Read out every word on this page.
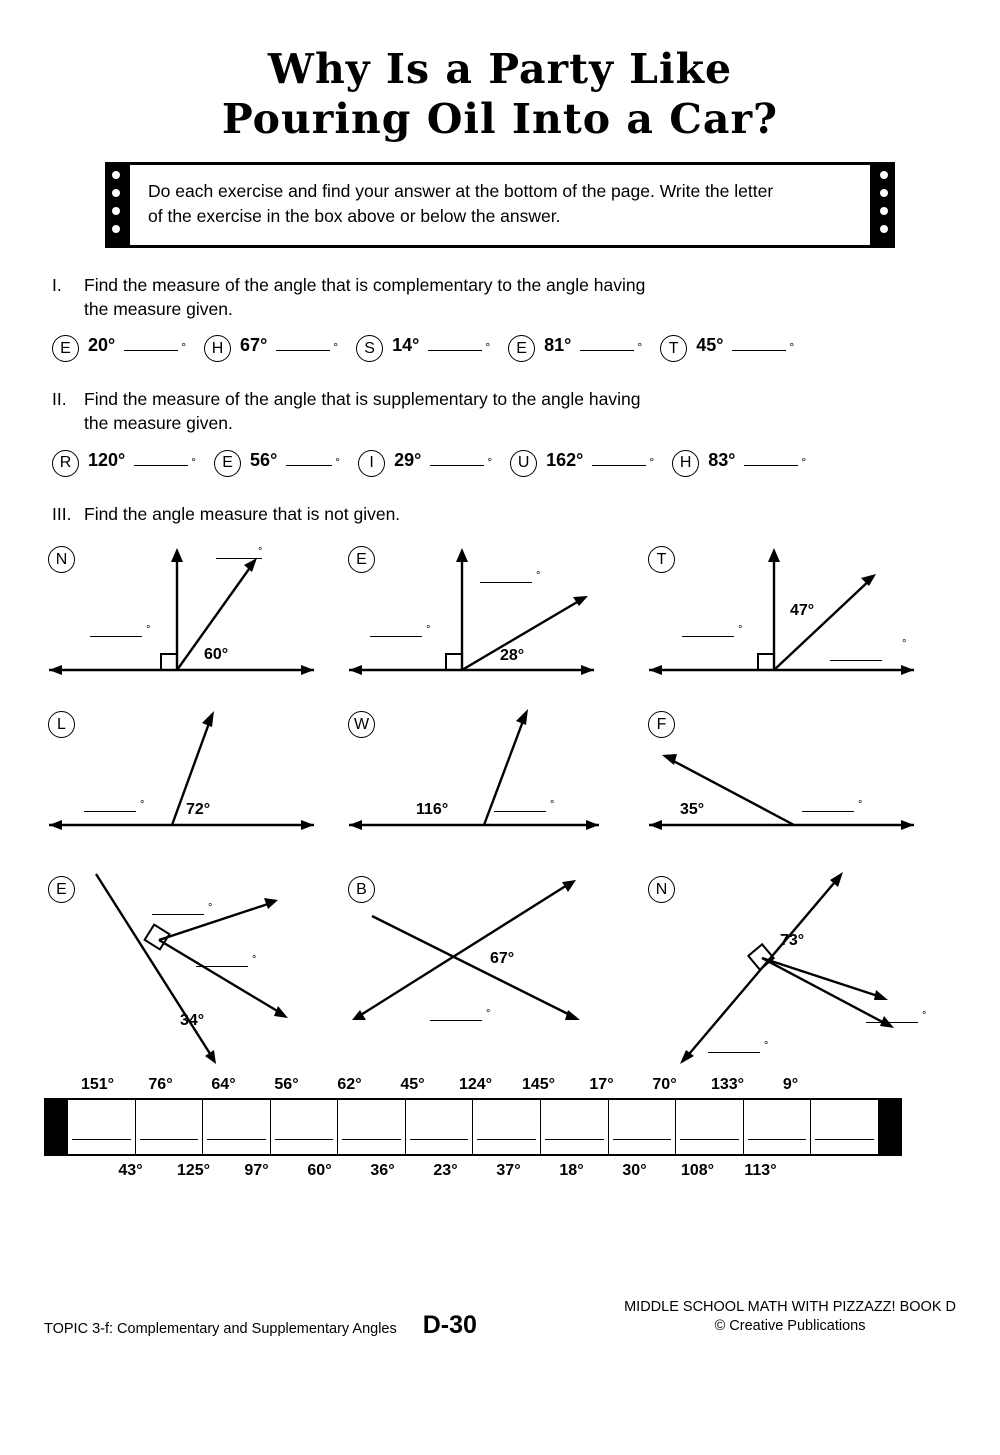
Why Is a Party Like
Pouring Oil Into a Car?
Do each exercise and find your answer at the bottom of the page. Write the letter
of the exercise in the box above or below the answer.
I.	Find the measure of the angle that is complementary to the angle having
the measure given.
E 20°	°	H 67°	°	S 14°	°	E 81°	°	T 45°	°
II. Find the measure of the angle that is supplementary to the angle having
the measure given.
R 120°	°	E 56°	°	I	29°	°	U 162°	°	H 83°	°
III. Find the angle measure that is not given.
N
60°
°
°	E
28°
°
°
T
47°
°
°
L
72°
°
W
116°	°
F
35°	°
E
34°
°
°
B
67°
°
N
73°
°
°
151°	76°	64°	56°	62°	45°	124°	145°	17°	70°	133°	9°
43°	125°	97°	60°	36°	23°	37°	18°	30°	108°	113°
TOPIC 3-f: Complementary and Supplementary Angles D-30
MIDDLE SCHOOL MATH WITH PIZZAZZ! BOOK D
© Creative Publications
